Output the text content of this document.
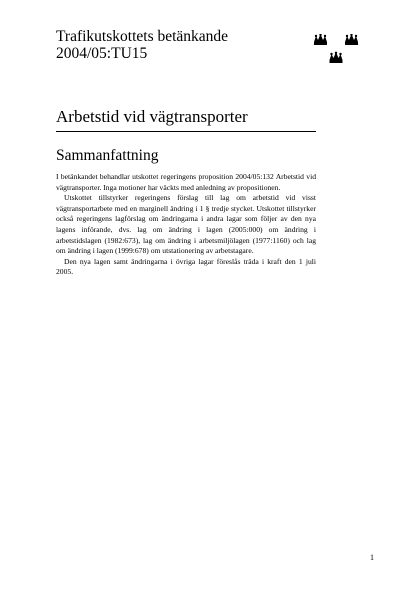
Trafikutskottets betänkande
2004/05:TU15
Arbetstid vid vägtransporter
Sammanfattning

I betänkandet behandlar utskottet regeringens proposition 2004/05:132 Arbetstid vid vägtransporter. Inga motioner har väckts med anledning av propositionen.

Utskottet tillstyrker regeringens förslag till lag om arbetstid vid visst vägtransportarbete med en marginell ändring i 1 § tredje stycket. Utskottet tillstyrker också regeringens lagförslag om ändringarna i andra lagar som följer av den nya lagens införande, dvs. lag om ändring i lagen (2005:000) om ändring i arbetstidslagen (1982:673), lag om ändring i arbetsmiljölagen (1977:1160) och lag om ändring i lagen (1999:678) om utstationering av arbetstagare.

Den nya lagen samt ändringarna i övriga lagar föreslås träda i kraft den 1 juli 2005.

1
